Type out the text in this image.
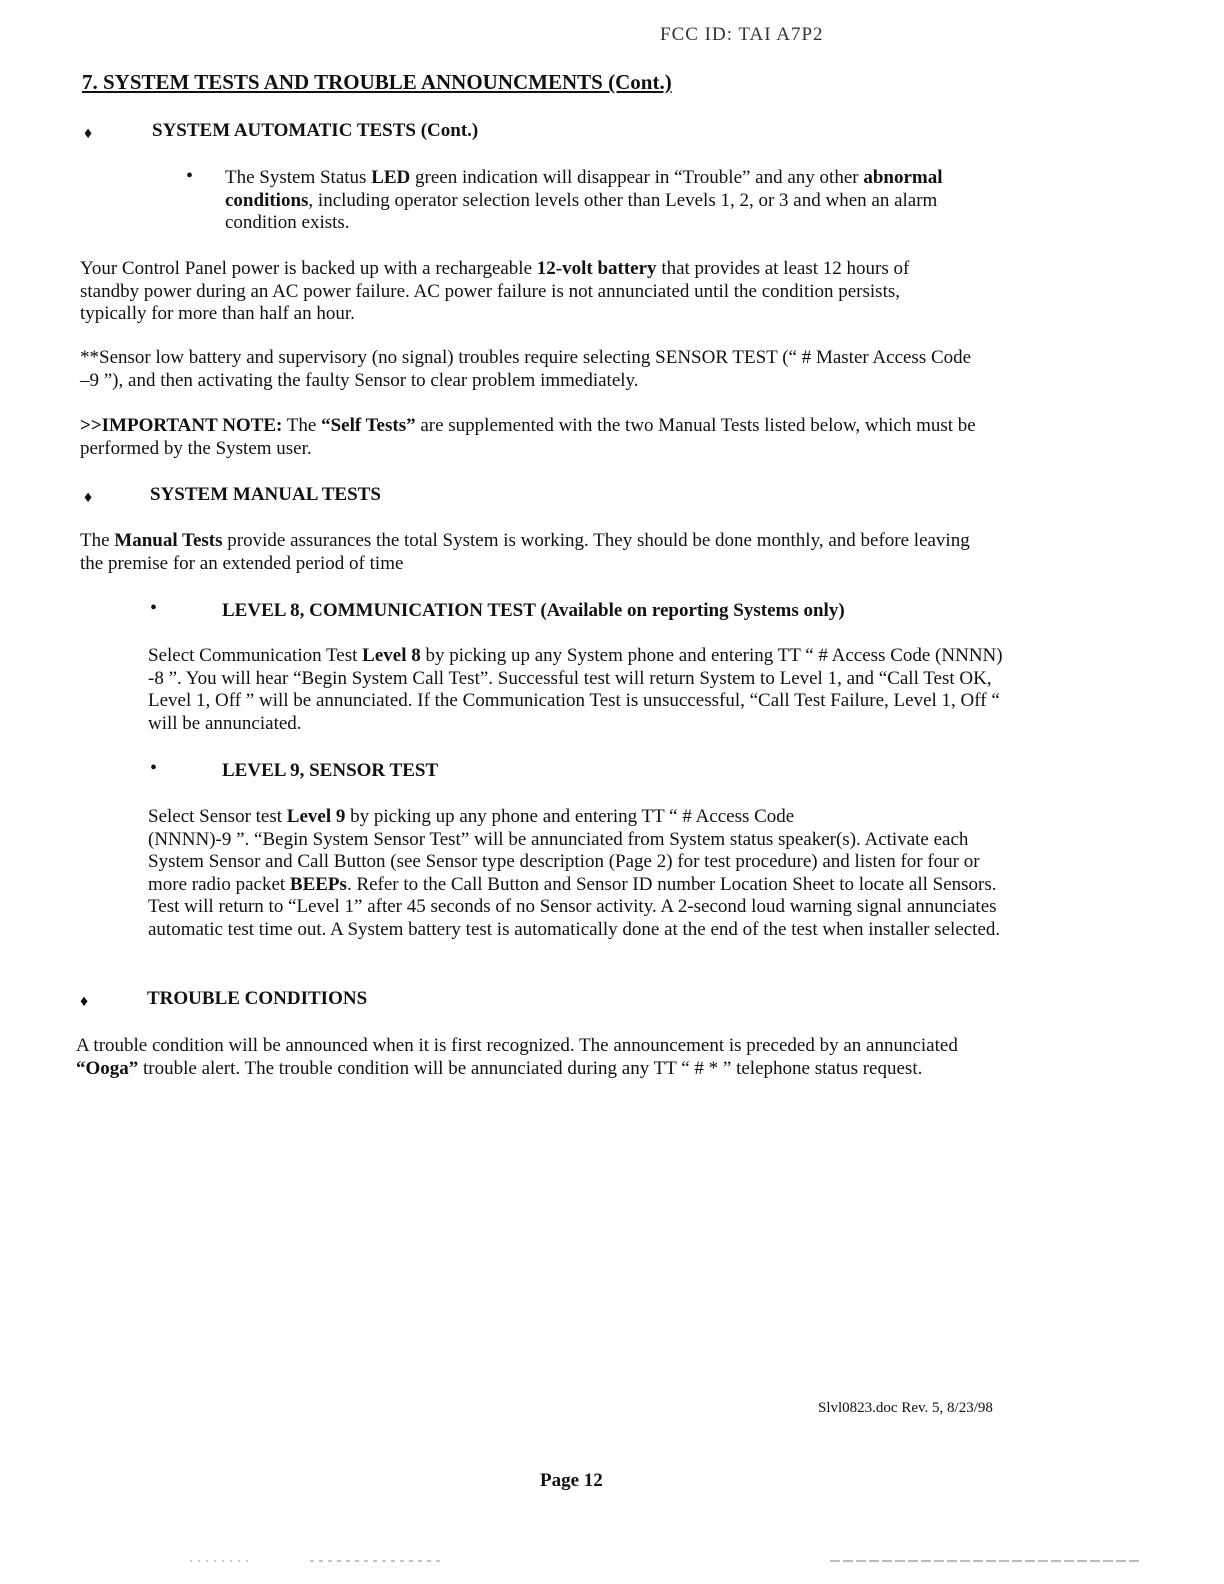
FCC ID: TAI A7P2
7. SYSTEM TESTS AND TROUBLE ANNOUNCMENTS (Cont.)
♦	SYSTEM AUTOMATIC TESTS (Cont.)
• The System Status LED green indication will disappear in “Trouble” and any other abnormal conditions, including operator selection levels other than Levels 1, 2, or 3 and when an alarm condition exists.
Your Control Panel power is backed up with a rechargeable 12-volt battery that provides at least 12 hours of standby power during an AC power failure. AC power failure is not annunciated until the condition persists, typically for more than half an hour.
**Sensor low battery and supervisory (no signal) troubles require selecting SENSOR TEST (“ # Master Access Code –9 ”), and then activating the faulty Sensor to clear problem immediately.
>>IMPORTANT NOTE: The “Self Tests” are supplemented with the two Manual Tests listed below, which must be performed by the System user.
♦	SYSTEM MANUAL TESTS
The Manual Tests provide assurances the total System is working. They should be done monthly, and before leaving the premise for an extended period of time
•	LEVEL 8, COMMUNICATION TEST (Available on reporting Systems only)
Select Communication Test Level 8 by picking up any System phone and entering TT “ # Access Code (NNNN) -8 ”. You will hear “Begin System Call Test”. Successful test will return System to Level 1, and “Call Test OK, Level 1, Off ” will be annunciated. If the Communication Test is unsuccessful, “Call Test Failure, Level 1, Off “ will be annunciated.
•	LEVEL 9, SENSOR TEST
Select Sensor test Level 9 by picking up any phone and entering TT “ # Access Code
(NNNN)-9 ”. “Begin System Sensor Test” will be annunciated from System status speaker(s). Activate each System Sensor and Call Button (see Sensor type description (Page 2) for test procedure) and listen for four or more radio packet BEEPs. Refer to the Call Button and Sensor ID number Location Sheet to locate all Sensors. Test will return to “Level 1” after 45 seconds of no Sensor activity. A 2-second loud warning signal annunciates automatic test time out. A System battery test is automatically done at the end of the test when installer selected.
♦	TROUBLE CONDITIONS
A trouble condition will be announced when it is first recognized. The announcement is preceded by an annunciated “Ooga” trouble alert. The trouble condition will be annunciated during any TT “ # * ” telephone status request.
Slvl0823.doc Rev. 5, 8/23/98
Page 12
